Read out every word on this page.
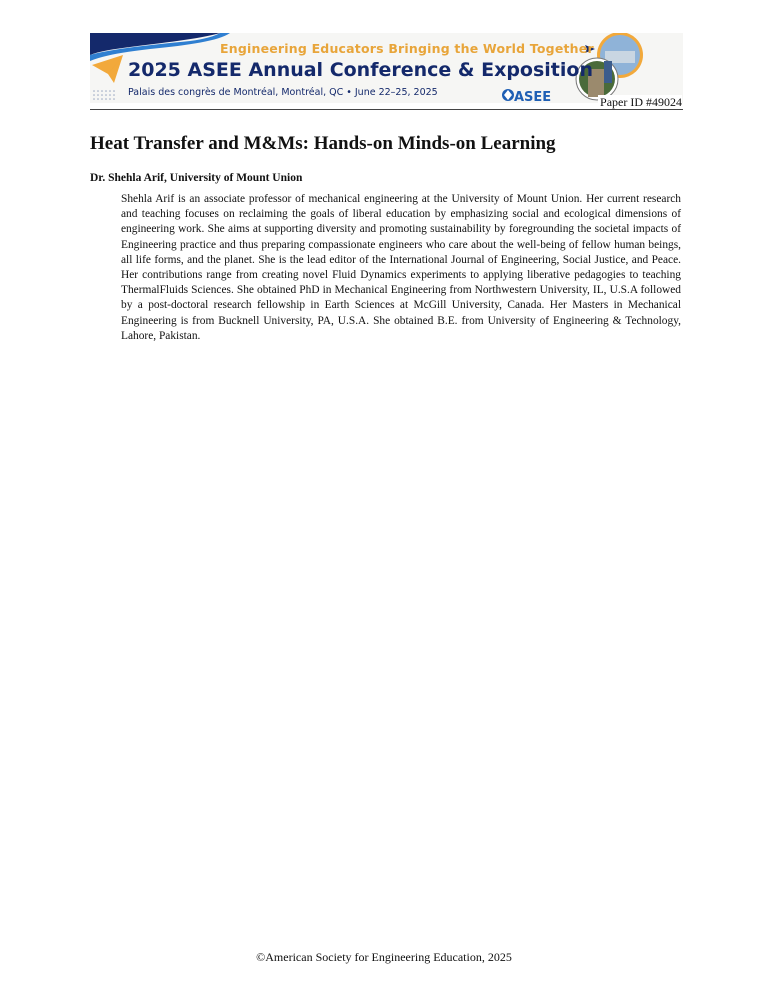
Engineering Educators Bringing the World Together
2025 ASEE Annual Conference & Exposition
Palais des congrès de Montréal, Montréal, QC • June 22–25, 2025	ASEE	Paper ID #49024
Heat Transfer and M&Ms: Hands-on Minds-on Learning

Dr. Shehla Arif, University of Mount Union

Shehla Arif is an associate professor of mechanical engineering at the University of Mount Union. Her current research and teaching focuses on reclaiming the goals of liberal education by emphasizing social and ecological dimensions of engineering work. She aims at supporting diversity and promoting sustainability by foregrounding the societal impacts of Engineering practice and thus preparing compassionate engineers who care about the well-being of fellow human beings, all life forms, and the planet. She is the lead editor of the International Journal of Engineering, Social Justice, and Peace. Her contributions range from creating novel Fluid Dynamics experiments to applying liberative pedagogies to teaching ThermalFluids Sciences. She obtained PhD in Mechanical Engineering from Northwestern University, IL, U.S.A followed by a post-doctoral research fellowship in Earth Sciences at McGill University, Canada. Her Masters in Mechanical Engineering is from Bucknell University, PA, U.S.A. She obtained B.E. from University of Engineering & Technology, Lahore, Pakistan.

©American Society for Engineering Education, 2025
